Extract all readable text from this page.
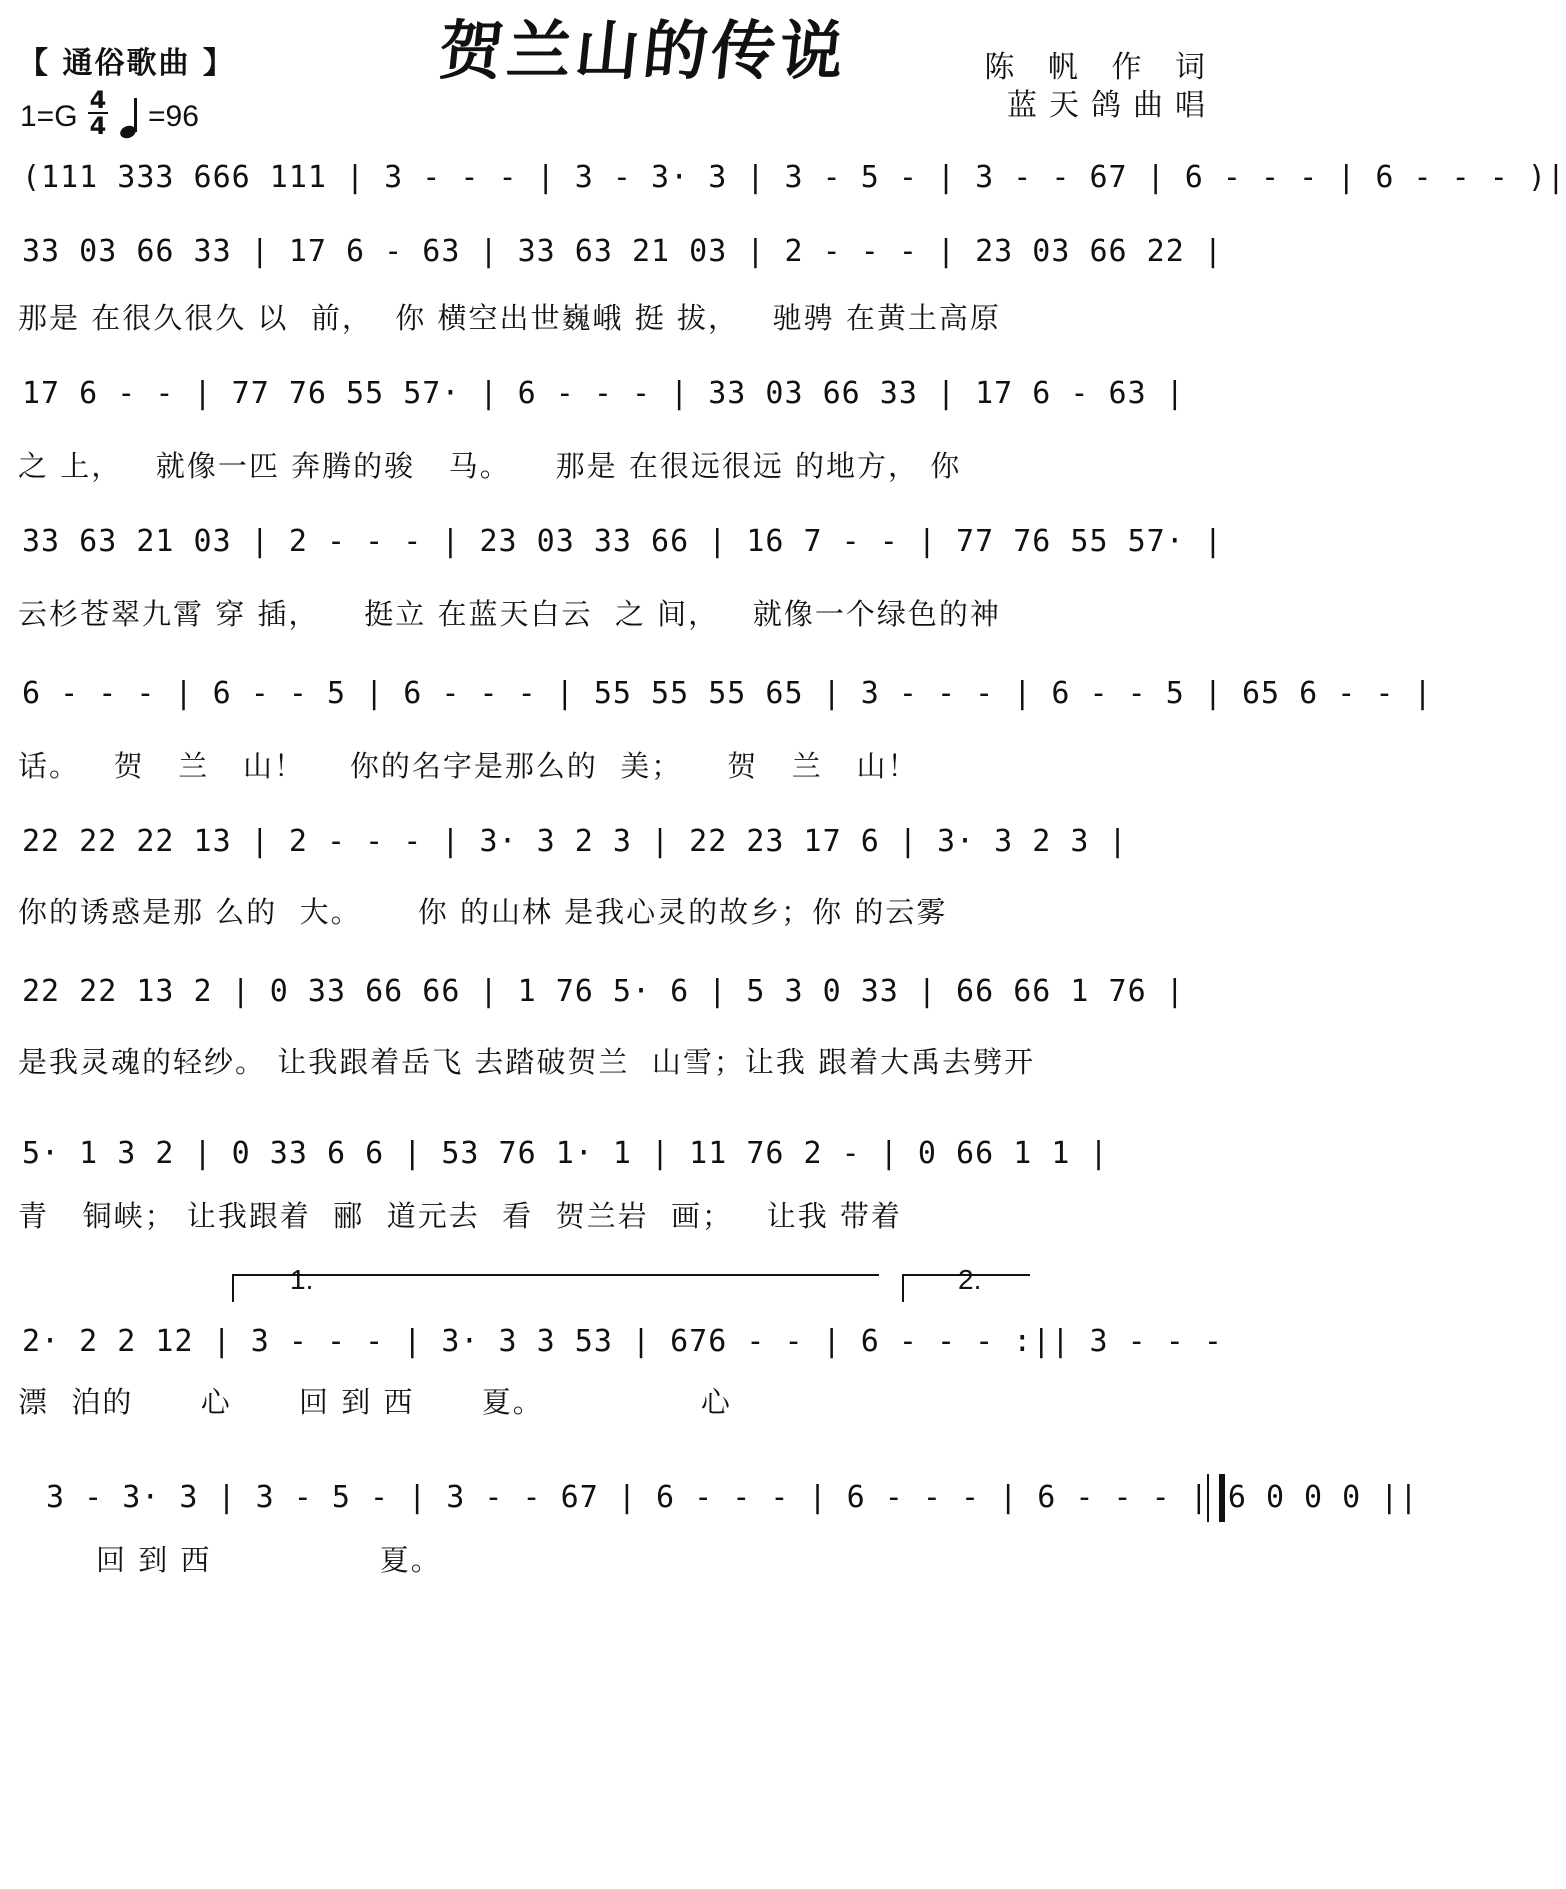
【 通俗歌曲 】	贺兰山的传说	陈 帆 作 词
蓝天鸽曲唱
1=G 4
4 =96
(111 333 666 111 | 3 - - - | 3 - 3· 3 | 3 - 5 - | 3 - - 67 | 6 - - - | 6 - - - )|
33 03 66 33 | 17 6 - 63 | 33 63 21 03 | 2 - - - | 23 03 66 22 |
那是 在很久很久 以  前，  你 横空出世巍峨 挺 拔，   驰骋 在黄土高原
17 6 - - | 77 76 55 57· | 6 - - - | 33 03 66 33 | 17 6 - 63 |
之 上，   就像一匹 奔腾的骏   马。    那是 在很远很远 的地方， 你
33 63 21 03 | 2 - - - | 23 03 33 66 | 16 7 - - | 77 76 55 57· |
云杉苍翠九霄 穿 插，    挺立 在蓝天白云  之 间，   就像一个绿色的神
6 - - - | 6 - - 5 | 6 - - - | 55 55 55 65 | 3 - - - | 6 - - 5 | 65 6 - - |
话。   贺   兰   山！    你的名字是那么的  美；    贺   兰   山！
22 22 22 13 | 2 - - - | 3· 3 2 3 | 22 23 17 6 | 3· 3 2 3 |
你的诱惑是那 么的  大。     你 的山林 是我心灵的故乡；你 的云雾
22 22 13 2 | 0 33 66 66 | 1 76 5· 6 | 5 3 0 33 | 66 66 1 76 |
是我灵魂的轻纱。 让我跟着岳飞 去踏破贺兰  山雪；让我 跟着大禹去劈开
5· 1 3 2 | 0 33 6 6 | 53 76 1· 1 | 11 76 2 - | 0 66 1 1 |
青   铜峡； 让我跟着  郦  道元去  看  贺兰岩  画；   让我 带着
1.	2.
2· 2 2 12 | 3 - - - | 3· 3 3 53 | 676 - - | 6 - - - :|| 3 - - -
漂  泊的      心      回 到 西      夏。              心
3 - 3· 3 | 3 - 5 - | 3 - - 67 | 6 - - - | 6 - - - | 6 - - - | 6 0 0 0 ||
回 到 西               夏。
